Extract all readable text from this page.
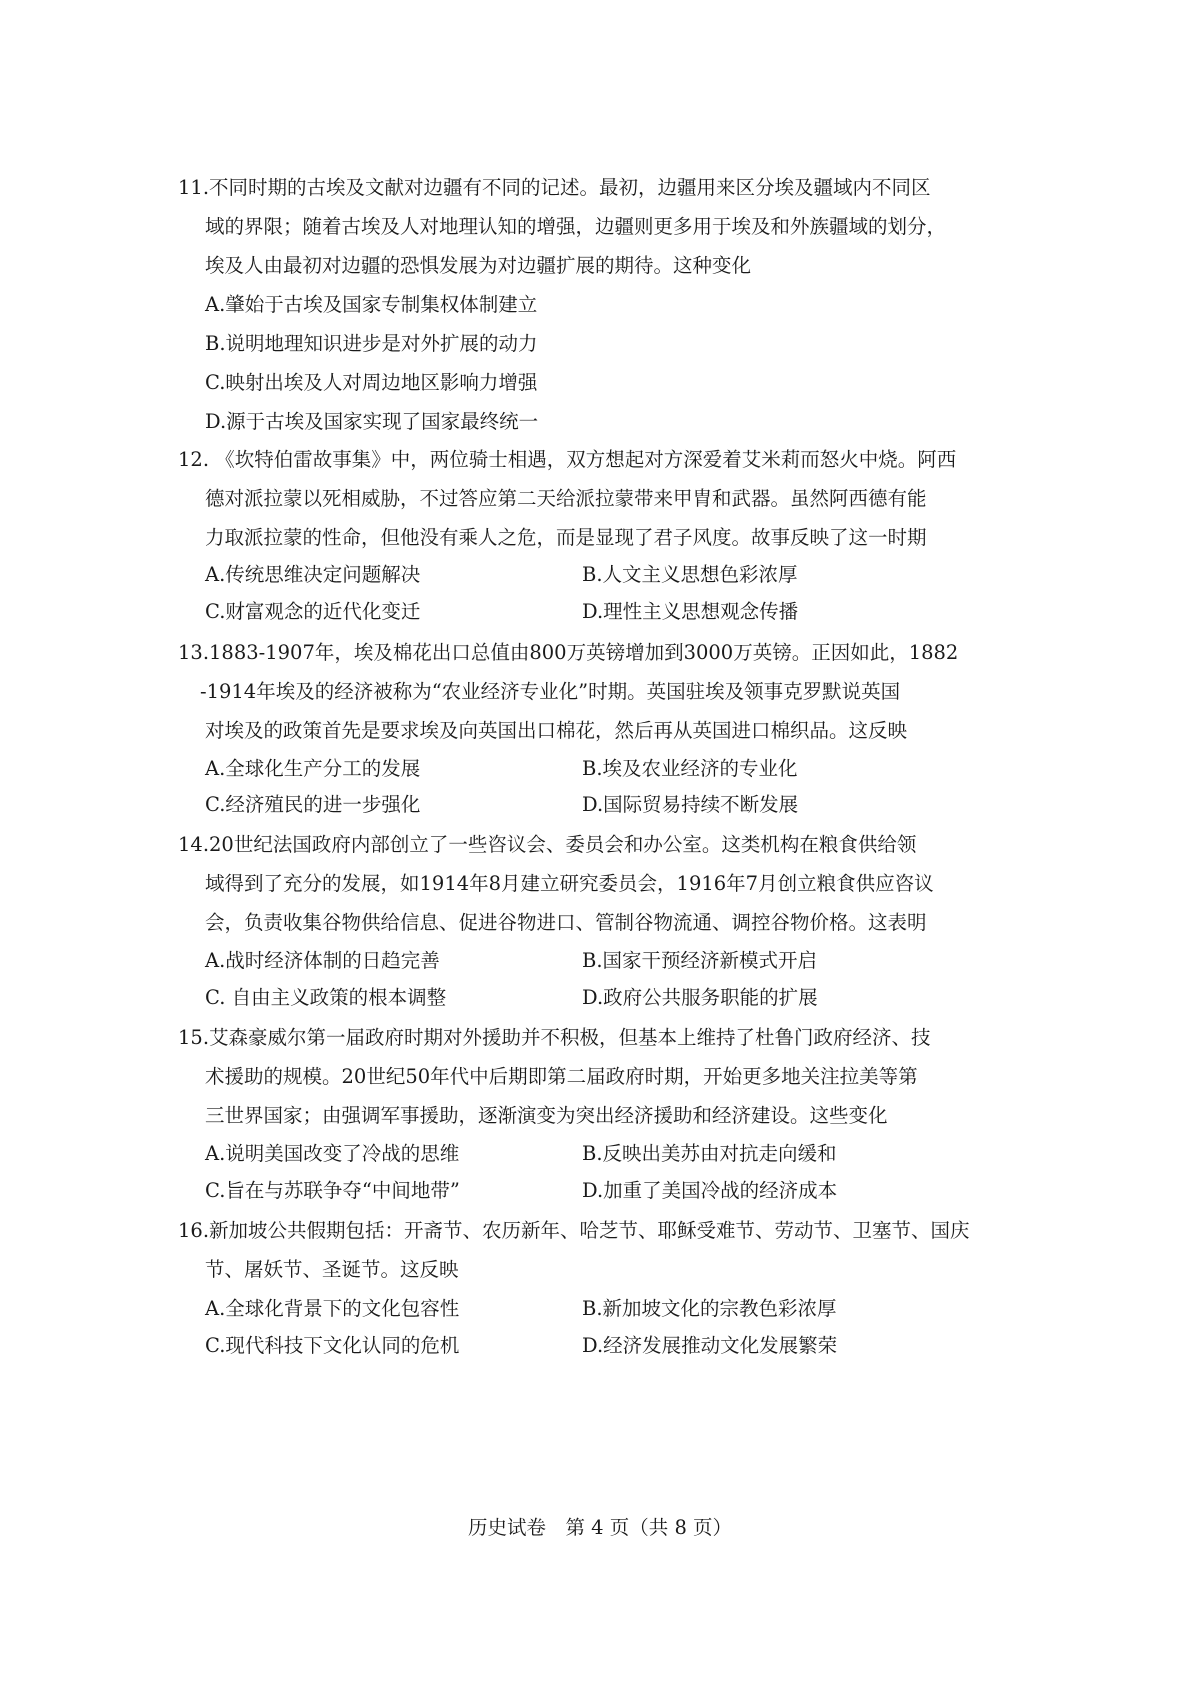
11.不同时期的古埃及文献对边疆有不同的记述。最初，边疆用来区分埃及疆域内不同区
域的界限；随着古埃及人对地理认知的增强，边疆则更多用于埃及和外族疆域的划分，
埃及人由最初对边疆的恐惧发展为对边疆扩展的期待。这种变化
A.肇始于古埃及国家专制集权体制建立
B.说明地理知识进步是对外扩展的动力
C.映射出埃及人对周边地区影响力增强
D.源于古埃及国家实现了国家最终统一
12. 《坎特伯雷故事集》中，两位骑士相遇，双方想起对方深爱着艾米莉而怒火中烧。阿西
德对派拉蒙以死相威胁，不过答应第二天给派拉蒙带来甲胄和武器。虽然阿西德有能
力取派拉蒙的性命，但他没有乘人之危，而是显现了君子风度。故事反映了这一时期
A.传统思维决定问题解决	B.人文主义思想色彩浓厚
C.财富观念的近代化变迁	D.理性主义思想观念传播
13.1883-1907年，埃及棉花出口总值由800万英镑增加到3000万英镑。正因如此，1882
-1914年埃及的经济被称为“农业经济专业化”时期。英国驻埃及领事克罗默说英国
对埃及的政策首先是要求埃及向英国出口棉花，然后再从英国进口棉织品。这反映
A.全球化生产分工的发展	B.埃及农业经济的专业化
C.经济殖民的进一步强化	D.国际贸易持续不断发展
14.20世纪法国政府内部创立了一些咨议会、委员会和办公室。这类机构在粮食供给领
域得到了充分的发展，如1914年8月建立研究委员会，1916年7月创立粮食供应咨议
会，负责收集谷物供给信息、促进谷物进口、管制谷物流通、调控谷物价格。这表明
A.战时经济体制的日趋完善	B.国家干预经济新模式开启
C. 自由主义政策的根本调整	D.政府公共服务职能的扩展
15.艾森豪威尔第一届政府时期对外援助并不积极，但基本上维持了杜鲁门政府经济、技
术援助的规模。20世纪50年代中后期即第二届政府时期，开始更多地关注拉美等第
三世界国家；由强调军事援助，逐渐演变为突出经济援助和经济建设。这些变化
A.说明美国改变了冷战的思维	B.反映出美苏由对抗走向缓和
C.旨在与苏联争夺“中间地带”	D.加重了美国冷战的经济成本
16.新加坡公共假期包括：开斋节、农历新年、哈芝节、耶稣受难节、劳动节、卫塞节、国庆
节、屠妖节、圣诞节。这反映
A.全球化背景下的文化包容性	B.新加坡文化的宗教色彩浓厚
C.现代科技下文化认同的危机	D.经济发展推动文化发展繁荣
历史试卷　第 4 页（共 8 页）
